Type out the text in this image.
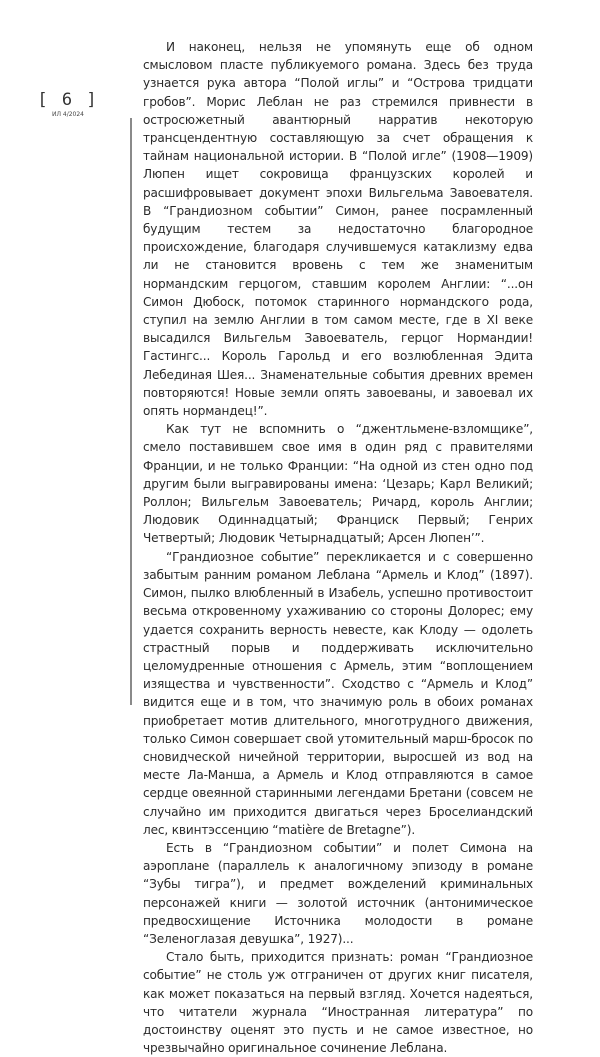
[ 6 ]
ИЛ 4/2024

И наконец, нельзя не упомянуть еще об одном смысловом пласте публикуемого романа. Здесь без труда узнается рука автора “Полой иглы” и “Острова тридцати гробов”. Морис Леблан не раз стремился привнести в остросюжетный авантюрный нарратив некоторую трансцендентную составляющую за счет обращения к тайнам национальной истории. В “Полой игле” (1908—1909) Люпен ищет сокровища французских королей и расшифровывает документ эпохи Вильгельма Завоевателя. В “Грандиозном событии” Симон, ранее посрамленный будущим тестем за недостаточно благородное происхождение, благодаря случившемуся катаклизму едва ли не становится вровень с тем же знаменитым нормандским герцогом, ставшим королем Англии: “...он Симон Дюбоск, потомок старинного нормандского рода, ступил на землю Англии в том самом месте, где в XI веке высадился Вильгельм Завоеватель, герцог Нормандии! Гастингс... Король Гарольд и его возлюбленная Эдита Лебединая Шея... Знаменательные события древних времен повторяются! Новые земли опять завоеваны, и завоевал их опять нормандец!”.

Как тут не вспомнить о “джентльмене-взломщике”, смело поставившем свое имя в один ряд с правителями Франции, и не только Франции: “На одной из стен одно под другим были выгравированы имена: ‘Цезарь; Карл Великий; Роллон; Вильгельм Завоеватель; Ричард, король Англии; Людовик Одиннадцатый; Франциск Первый; Генрих Четвертый; Людовик Четырнадцатый; Арсен Люпен’”.

“Грандиозное событие” перекликается и с совершенно забытым ранним романом Леблана “Армель и Клод” (1897). Симон, пылко влюбленный в Изабель, успешно противостоит весьма откровенному ухаживанию со стороны Долорес; ему удается сохранить верность невесте, как Клоду — одолеть страстный порыв и поддерживать исключительно целомудренные отношения с Армель, этим “воплощением изящества и чувственности”. Сходство с “Армель и Клод” видится еще и в том, что значимую роль в обоих романах приобретает мотив длительного, многотрудного движения, только Симон совершает свой утомительный марш-бросок по сновидческой ничейной территории, выросшей из вод на месте Ла-Манша, а Армель и Клод отправляются в самое сердце овеянной старинными легендами Бретани (совсем не случайно им приходится двигаться через Броселиандский лес, квинтэссенцию “matière de Bretagne”).

Есть в “Грандиозном событии” и полет Симона на аэроплане (параллель к аналогичному эпизоду в романе “Зубы тигра”), и предмет вожделений криминальных персонажей книги — золотой источник (антонимическое предвосхищение Источника молодости в романе “Зеленоглазая девушка”, 1927)...

Стало быть, приходится признать: роман “Грандиозное событие” не столь уж отграничен от других книг писателя, как может показаться на первый взгляд. Хочется надеяться, что читатели журнала “Иностранная литература” по достоинству оценят это пусть и не самое известное, но чрезвычайно оригинальное сочинение Леблана.
